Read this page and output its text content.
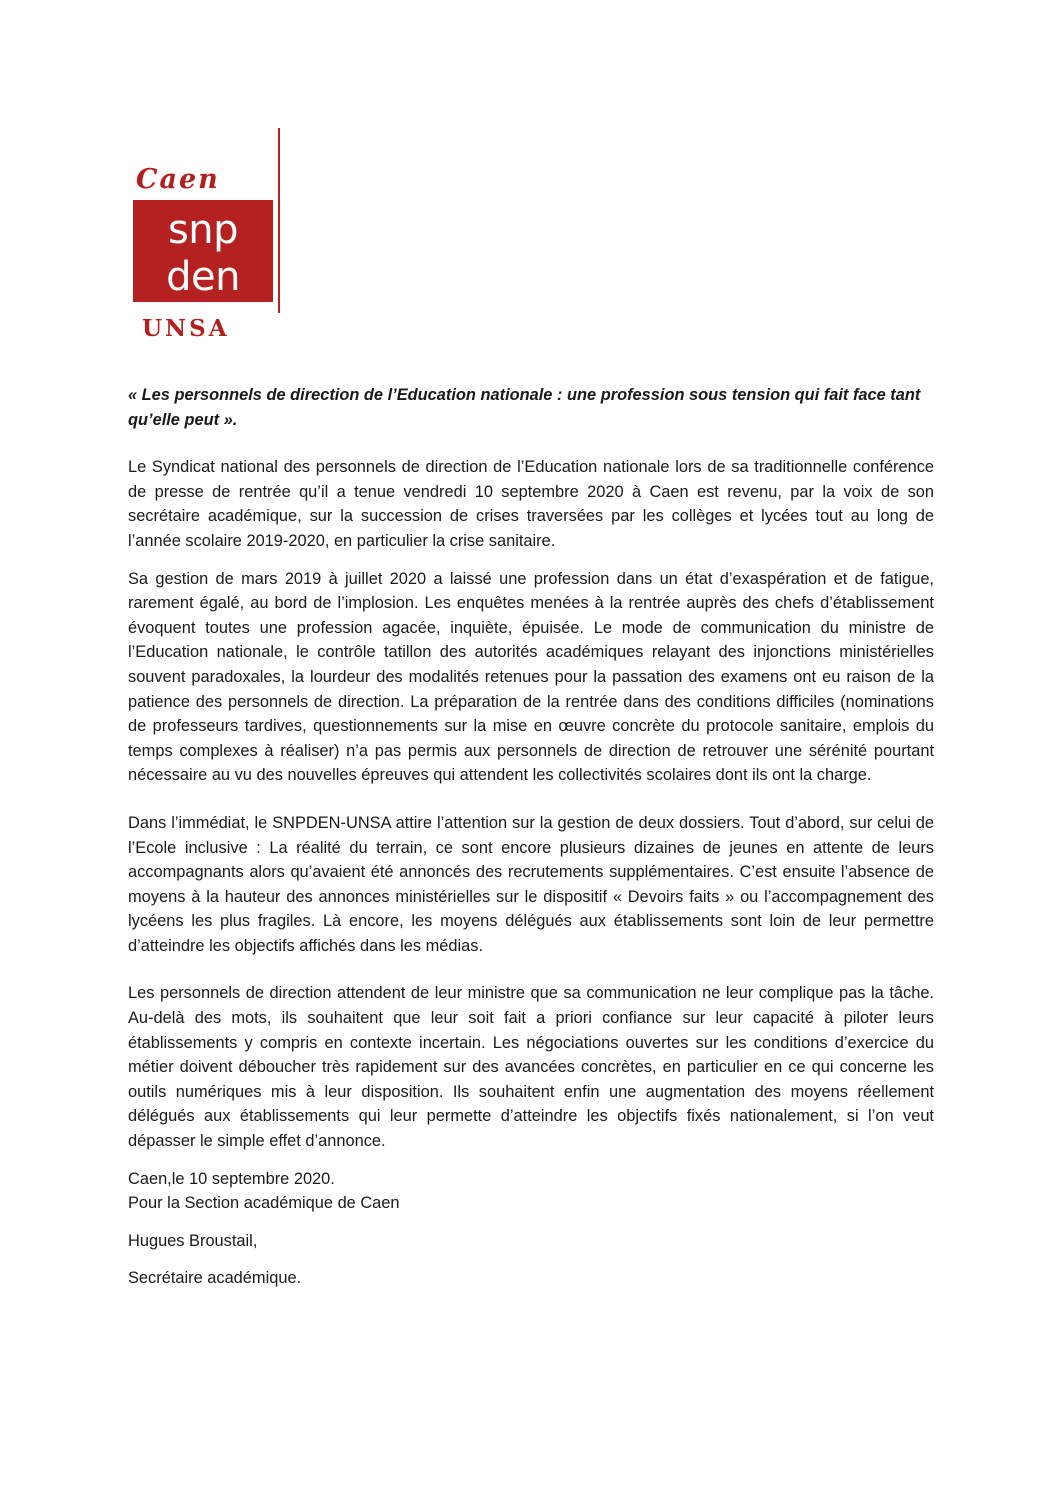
Caen
snp
den
UNSA

« Les personnels de direction de l’Education nationale : une profession sous tension qui fait face tant qu’elle peut ».

Le Syndicat national des personnels de direction de l’Education nationale lors de sa traditionnelle conférence de presse de rentrée qu’il a tenue vendredi 10 septembre 2020 à Caen est revenu, par la voix de son secrétaire académique, sur la succession de crises traversées par les collèges et lycées tout au long de l’année scolaire 2019-2020, en particulier la crise sanitaire.

Sa gestion de mars 2019 à juillet 2020 a laissé une profession dans un état d’exaspération et de fatigue, rarement égalé, au bord de l’implosion. Les enquêtes menées à la rentrée auprès des chefs d’établissement évoquent toutes une profession agacée, inquiète, épuisée. Le mode de communication du ministre de l’Education nationale, le contrôle tatillon des autorités académiques relayant des injonctions ministérielles souvent paradoxales, la lourdeur des modalités retenues pour la passation des examens ont eu raison de la patience des personnels de direction. La préparation de la rentrée dans des conditions difficiles (nominations de professeurs tardives, questionnements sur la mise en œuvre concrète du protocole sanitaire, emplois du temps complexes à réaliser) n’a pas permis aux personnels de direction de retrouver une sérénité pourtant nécessaire au vu des nouvelles épreuves qui attendent les collectivités scolaires dont ils ont la charge.

Dans l’immédiat, le SNPDEN-UNSA attire l’attention sur la gestion de deux dossiers. Tout d’abord, sur celui de l’Ecole inclusive : La réalité du terrain, ce sont encore plusieurs dizaines de jeunes en attente de leurs accompagnants alors qu’avaient été annoncés des recrutements supplémentaires. C’est ensuite l’absence de moyens à la hauteur des annonces ministérielles sur le dispositif « Devoirs faits » ou l’accompagnement des lycéens les plus fragiles. Là encore, les moyens délégués aux établissements sont loin de leur permettre d’atteindre les objectifs affichés dans les médias.

Les personnels de direction attendent de leur ministre que sa communication ne leur complique pas la tâche. Au-delà des mots, ils souhaitent que leur soit fait a priori confiance sur leur capacité à piloter leurs établissements y compris en contexte incertain. Les négociations ouvertes sur les conditions d’exercice du métier doivent déboucher très rapidement sur des avancées concrètes, en particulier en ce qui concerne les outils numériques mis à leur disposition. Ils souhaitent enfin une augmentation des moyens réellement délégués aux établissements qui leur permette d’atteindre les objectifs fixés nationalement, si l’on veut dépasser le simple effet d’annonce.

Caen,le 10 septembre 2020.

Pour la Section académique de Caen

Hugues Broustail,

Secrétaire académique.
